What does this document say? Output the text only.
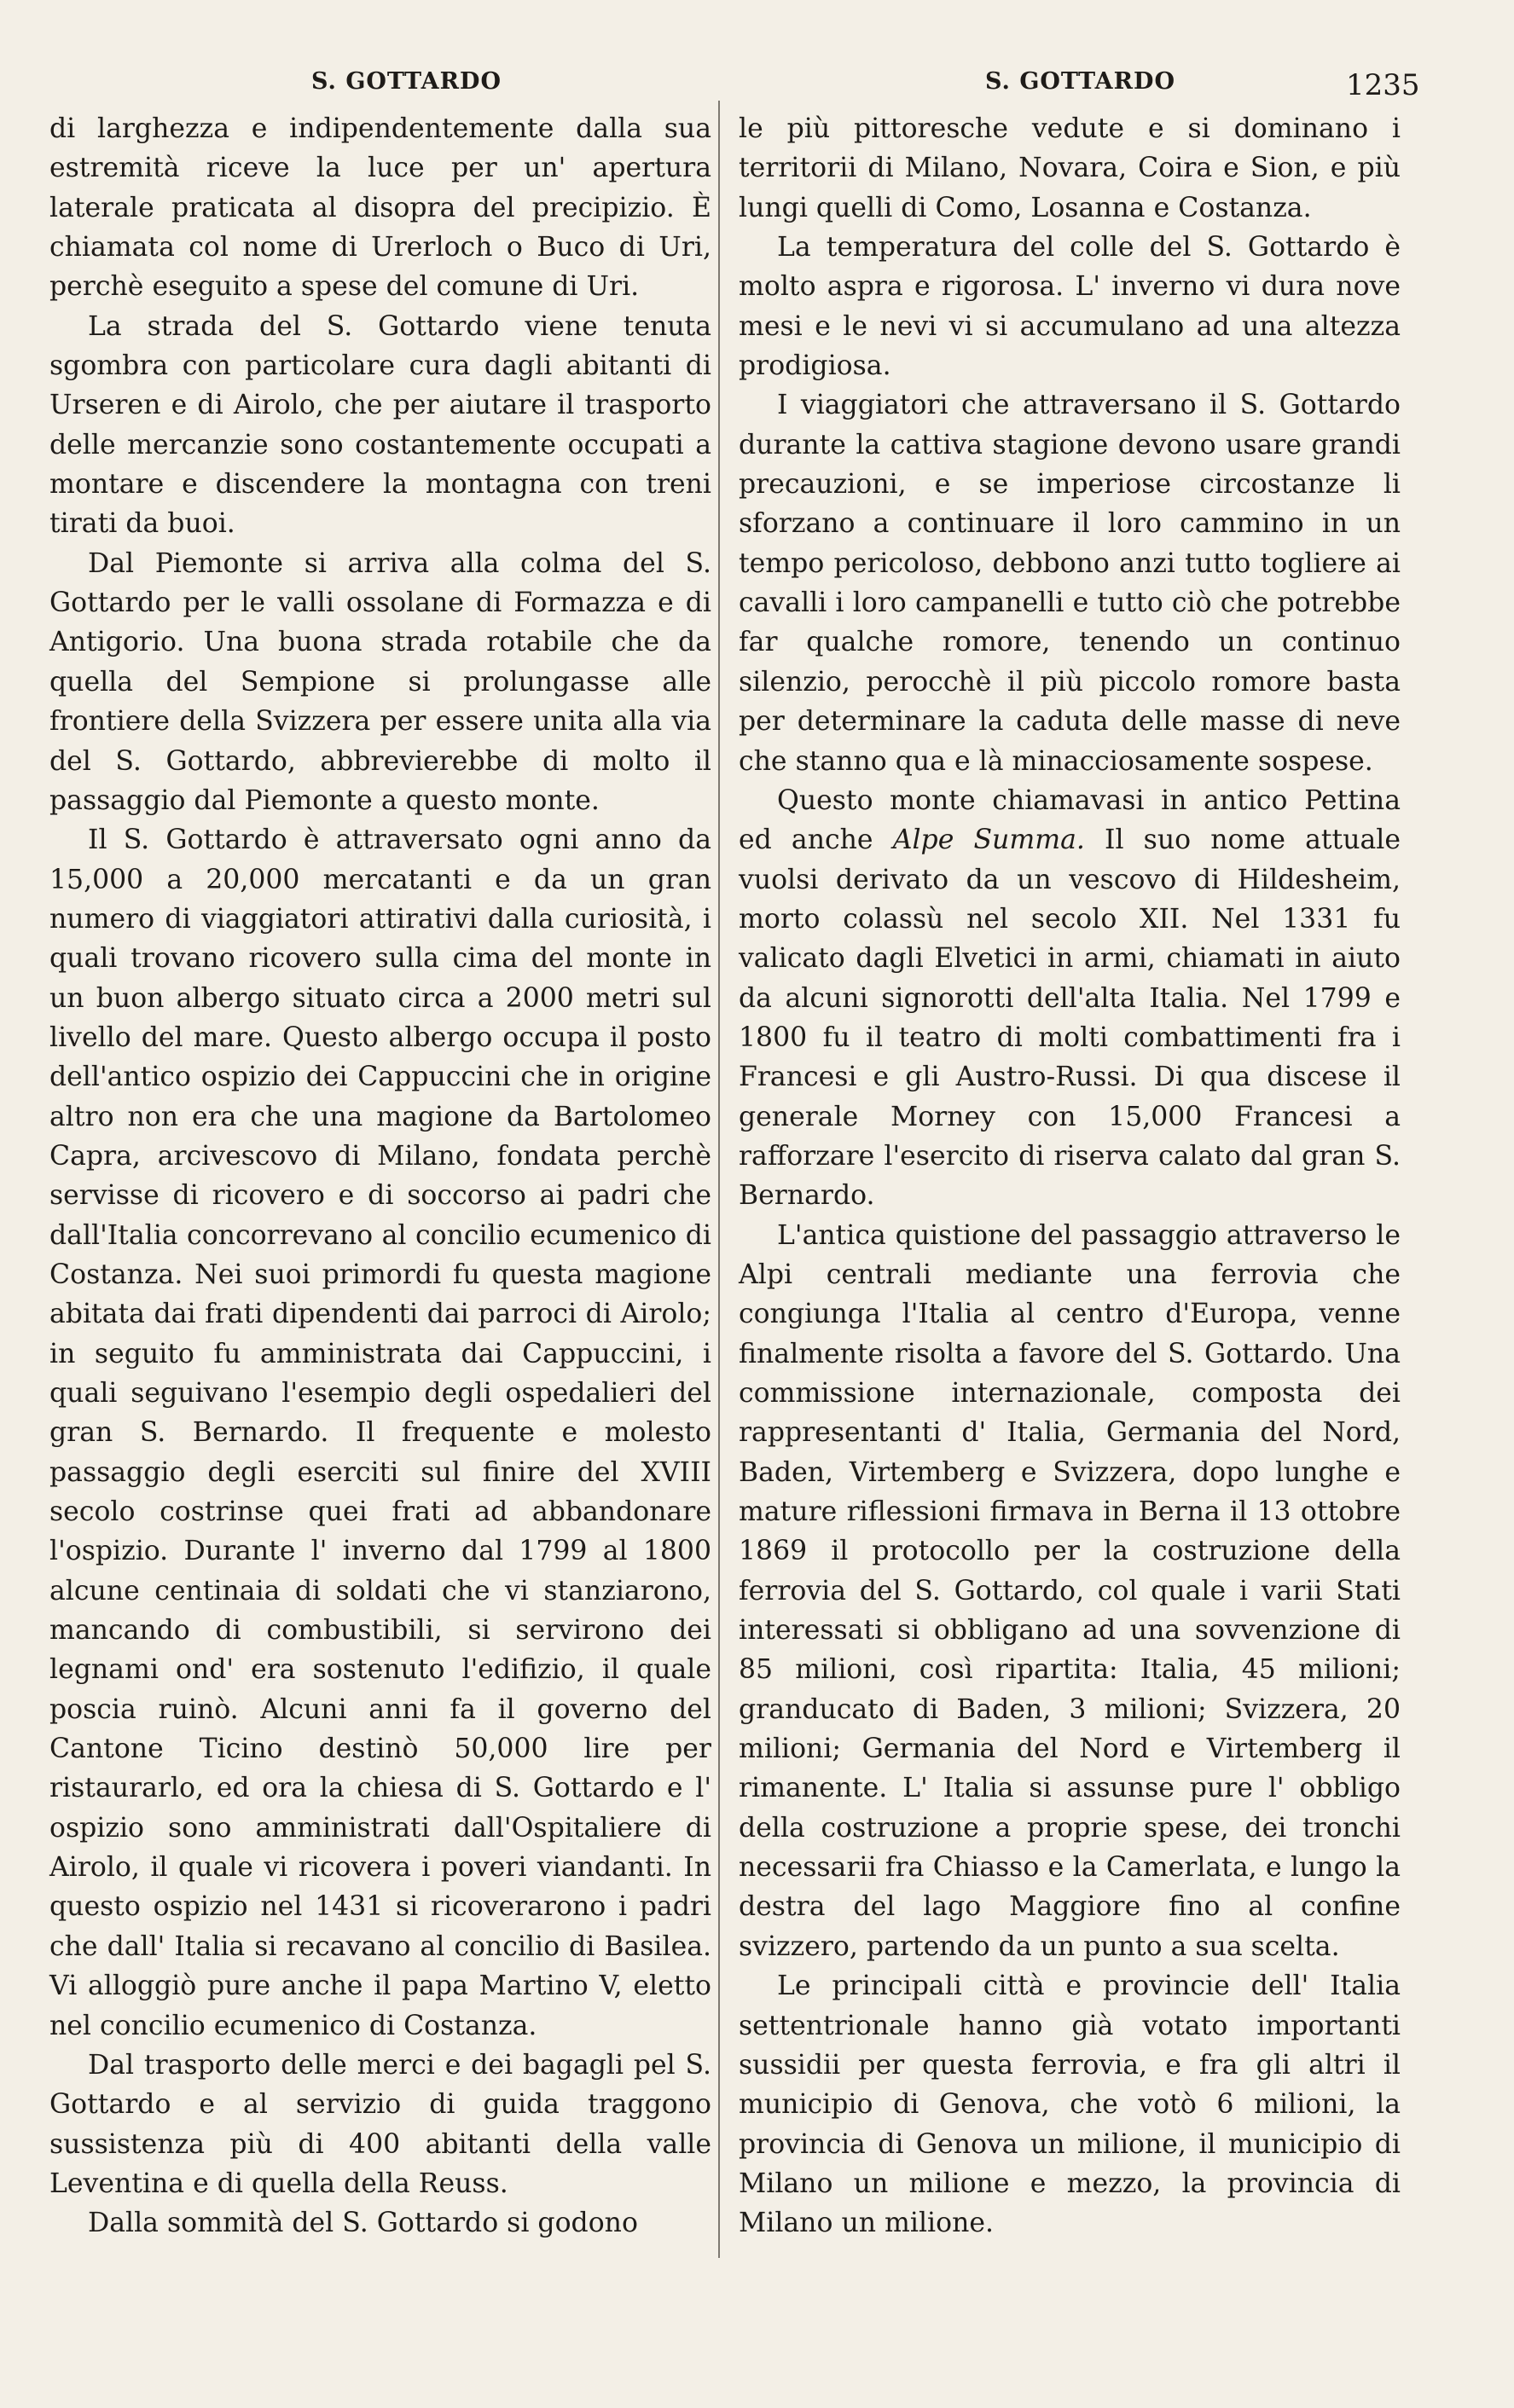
S. GOTTARDO	S. GOTTARDO	1235

di larghezza e indipendentemente dalla sua estremità riceve la luce per un' apertura laterale praticata al disopra del precipizio. È chiamata col nome di Urerloch o Buco di Uri, perchè eseguito a spese del comune di Uri.

La strada del S. Gottardo viene tenuta sgombra con particolare cura dagli abitanti di Urseren e di Airolo, che per aiutare il trasporto delle mercanzie sono costantemente occupati a montare e discendere la montagna con treni tirati da buoi.

Dal Piemonte si arriva alla colma del S. Gottardo per le valli ossolane di Formazza e di Antigorio. Una buona strada rotabile che da quella del Sempione si prolungasse alle frontiere della Svizzera per essere unita alla via del S. Gottardo, abbrevierebbe di molto il passaggio dal Piemonte a questo monte.

Il S. Gottardo è attraversato ogni anno da 15,000 a 20,000 mercatanti e da un gran numero di viaggiatori attirativi dalla curiosità, i quali trovano ricovero sulla cima del monte in un buon albergo situato circa a 2000 metri sul livello del mare. Questo albergo occupa il posto dell'antico ospizio dei Cappuccini che in origine altro non era che una magione da Bartolomeo Capra, arcivescovo di Milano, fondata perchè servisse di ricovero e di soccorso ai padri che dall'Italia concorrevano al concilio ecumenico di Costanza. Nei suoi primordi fu questa magione abitata dai frati dipendenti dai parroci di Airolo; in seguito fu amministrata dai Cappuccini, i quali seguivano l'esempio degli ospedalieri del gran S. Bernardo. Il frequente e molesto passaggio degli eserciti sul finire del XVIII secolo costrinse quei frati ad abbandonare l'ospizio. Durante l' inverno dal 1799 al 1800 alcune centinaia di soldati che vi stanziarono, mancando di combustibili, si servirono dei legnami ond' era sostenuto l'edifizio, il quale poscia ruinò. Alcuni anni fa il governo del Cantone Ticino destinò 50,000 lire per ristaurarlo, ed ora la chiesa di S. Gottardo e l' ospizio sono amministrati dall'Ospitaliere di Airolo, il quale vi ricovera i poveri viandanti. In questo ospizio nel 1431 si ricoverarono i padri che dall' Italia si recavano al concilio di Basilea. Vi alloggiò pure anche il papa Martino V, eletto nel concilio ecumenico di Costanza.

Dal trasporto delle merci e dei bagagli pel S. Gottardo e al servizio di guida traggono sussistenza più di 400 abitanti della valle Leventina e di quella della Reuss.

Dalla sommità del S. Gottardo si godono

le più pittoresche vedute e si dominano i territorii di Milano, Novara, Coira e Sion, e più lungi quelli di Como, Losanna e Costanza.

La temperatura del colle del S. Gottardo è molto aspra e rigorosa. L' inverno vi dura nove mesi e le nevi vi si accumulano ad una altezza prodigiosa.

I viaggiatori che attraversano il S. Gottardo durante la cattiva stagione devono usare grandi precauzioni, e se imperiose circostanze li sforzano a continuare il loro cammino in un tempo pericoloso, debbono anzi tutto togliere ai cavalli i loro campanelli e tutto ciò che potrebbe far qualche romore, tenendo un continuo silenzio, perocchè il più piccolo romore basta per determinare la caduta delle masse di neve che stanno qua e là minacciosamente sospese.

Questo monte chiamavasi in antico Pettina ed anche Alpe Summa. Il suo nome attuale vuolsi derivato da un vescovo di Hildesheim, morto colassù nel secolo XII. Nel 1331 fu valicato dagli Elvetici in armi, chiamati in aiuto da alcuni signorotti dell'alta Italia. Nel 1799 e 1800 fu il teatro di molti combattimenti fra i Francesi e gli Austro-Russi. Di qua discese il generale Morney con 15,000 Francesi a rafforzare l'esercito di riserva calato dal gran S. Bernardo.

L'antica quistione del passaggio attraverso le Alpi centrali mediante una ferrovia che congiunga l'Italia al centro d'Europa, venne finalmente risolta a favore del S. Gottardo. Una commissione internazionale, composta dei rappresentanti d' Italia, Germania del Nord, Baden, Virtemberg e Svizzera, dopo lunghe e mature riflessioni firmava in Berna il 13 ottobre 1869 il protocollo per la costruzione della ferrovia del S. Gottardo, col quale i varii Stati interessati si obbligano ad una sovvenzione di 85 milioni, così ripartita: Italia, 45 milioni; granducato di Baden, 3 milioni; Svizzera, 20 milioni; Germania del Nord e Virtemberg il rimanente. L' Italia si assunse pure l' obbligo della costruzione a proprie spese, dei tronchi necessarii fra Chiasso e la Camerlata, e lungo la destra del lago Maggiore fino al confine svizzero, partendo da un punto a sua scelta.

Le principali città e provincie dell' Italia settentrionale hanno già votato importanti sussidii per questa ferrovia, e fra gli altri il municipio di Genova, che votò 6 milioni, la provincia di Genova un milione, il municipio di Milano un milione e mezzo, la provincia di Milano un milione.
